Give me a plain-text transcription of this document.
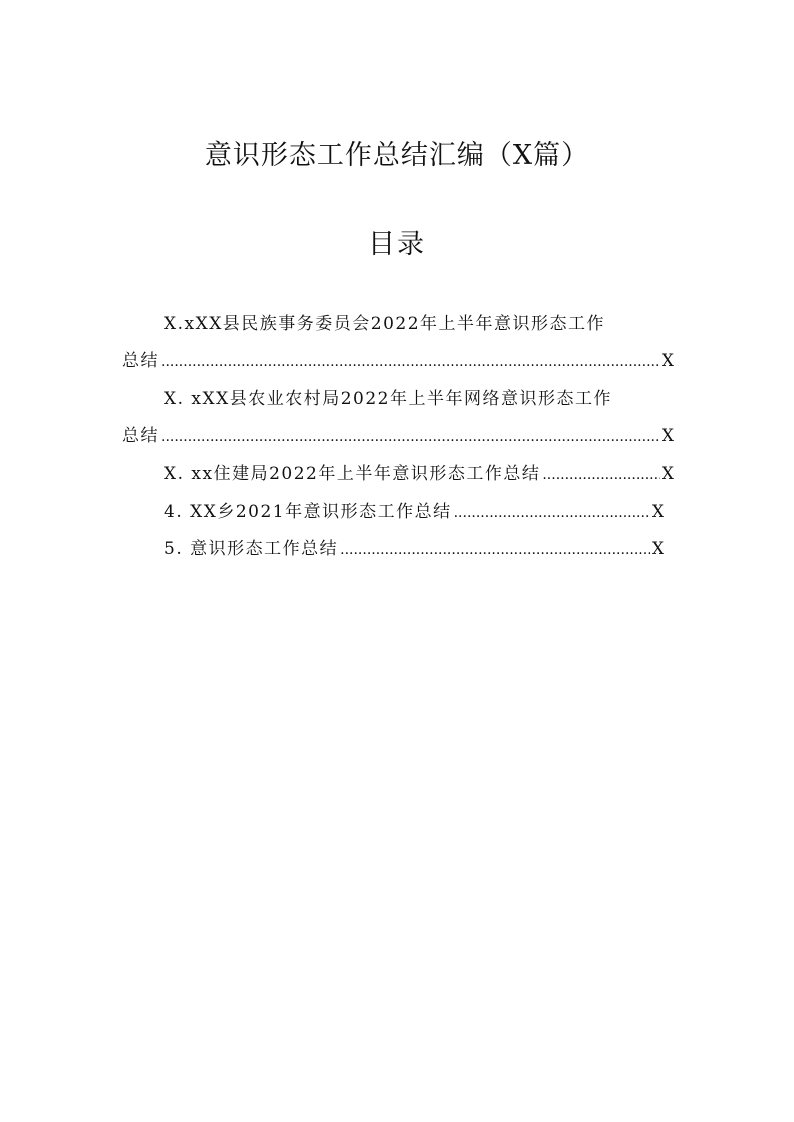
意识形态工作总结汇编（X篇）
目录
X.xXX县民族事务委员会2022年上半年意识形态工作
总结 .....	X
X. xXX县农业农村局2022年上半年网络意识形态工作
总结 .....	X
X. xx住建局2022年上半年意识形态工作总结 .....	X
4. XX乡2021年意识形态工作总结 .....	X
5. 意识形态工作总结 .....	X
